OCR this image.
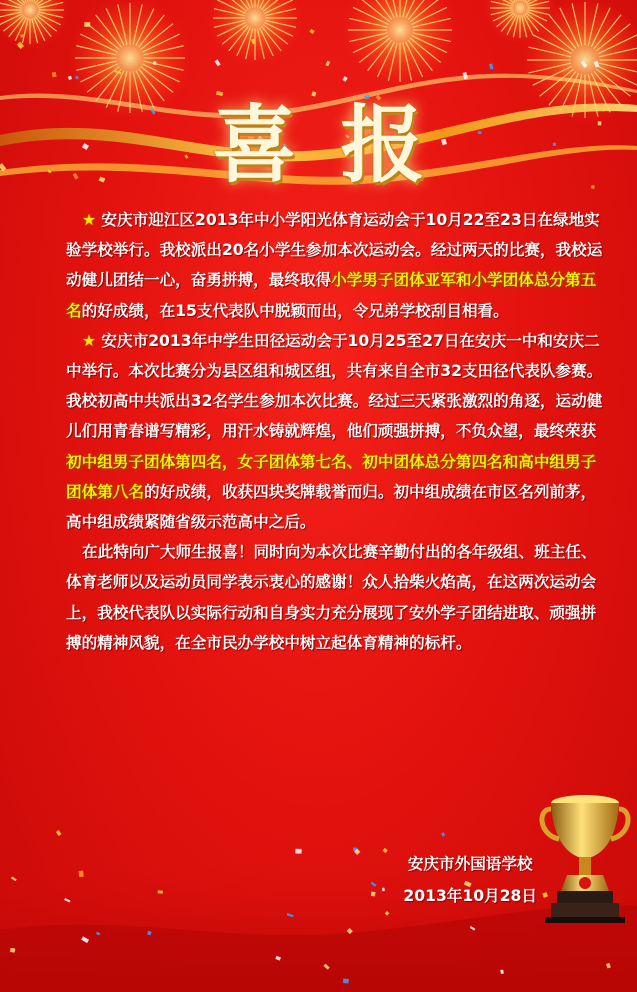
喜报

★ 安庆市迎江区2013年中小学阳光体育运动会于10月22至23日在绿地实验学校举行。我校派出20名小学生参加本次运动会。经过两天的比赛，我校运动健儿团结一心，奋勇拼搏，最终取得小学男子团体亚军和小学团体总分第五名的好成绩，在15支代表队中脱颖而出，令兄弟学校刮目相看。

★ 安庆市2013年中学生田径运动会于10月25至27日在安庆一中和安庆二中举行。本次比赛分为县区组和城区组，共有来自全市32支田径代表队参赛。我校初高中共派出32名学生参加本次比赛。经过三天紧张激烈的角逐，运动健儿们用青春谱写精彩，用汗水铸就辉煌，他们顽强拼搏，不负众望，最终荣获初中组男子团体第四名，女子团体第七名、初中团体总分第四名和高中组男子团体第八名的好成绩，收获四块奖牌载誉而归。初中组成绩在市区名列前茅，高中组成绩紧随省级示范高中之后。

在此特向广大师生报喜！同时向为本次比赛辛勤付出的各年级组、班主任、体育老师以及运动员同学表示衷心的感谢！众人拾柴火焰高，在这两次运动会上，我校代表队以实际行动和自身实力充分展现了安外学子团结进取、顽强拼搏的精神风貌，在全市民办学校中树立起体育精神的标杆。

安庆市外国语学校
2013年10月28日
